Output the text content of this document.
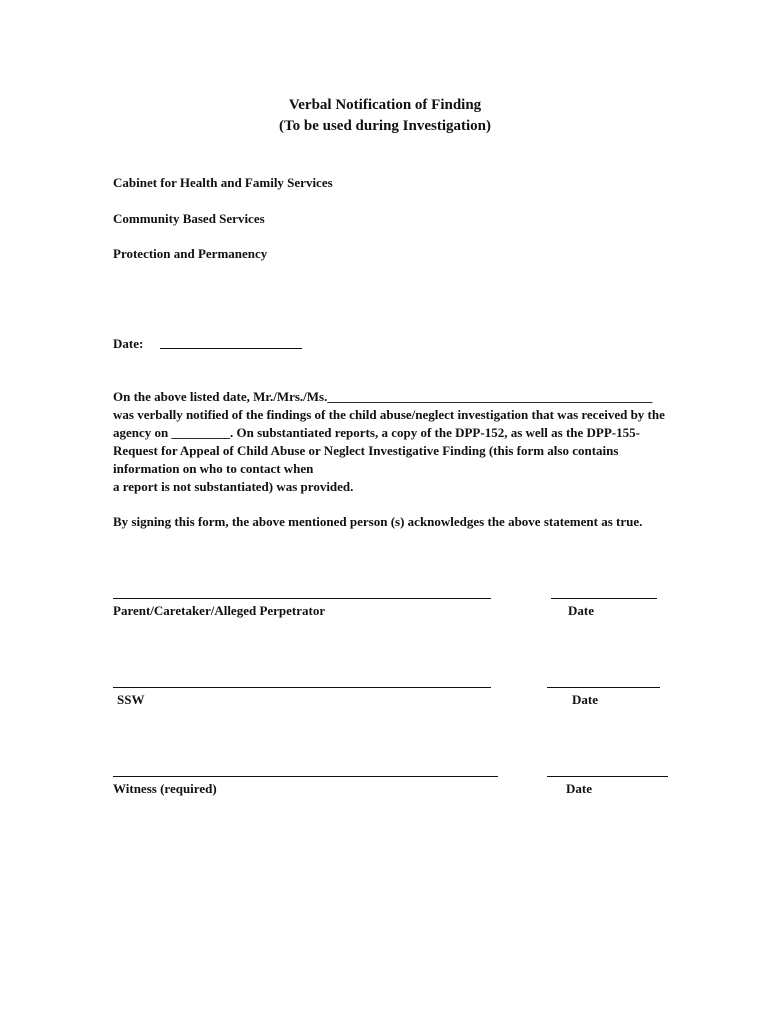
Verbal Notification of Finding
(To be used during Investigation)
Cabinet for Health and Family Services
Community Based Services
Protection and Permanency
Date:
On the above listed date, Mr./Mrs./Ms.__________________________________________________
was verbally notified of the findings of the child abuse/neglect investigation that was received by the
agency on _________. On substantiated reports, a copy of the DPP-152, as well as the DPP-155-
Request for Appeal of Child Abuse or Neglect Investigative Finding (this form also contains
information on who to contact when
a report is not substantiated) was provided.
By signing this form, the above mentioned person (s) acknowledges the above statement as true.
Parent/Caretaker/Alleged Perpetrator	Date
SSW	Date
Witness (required)	Date
